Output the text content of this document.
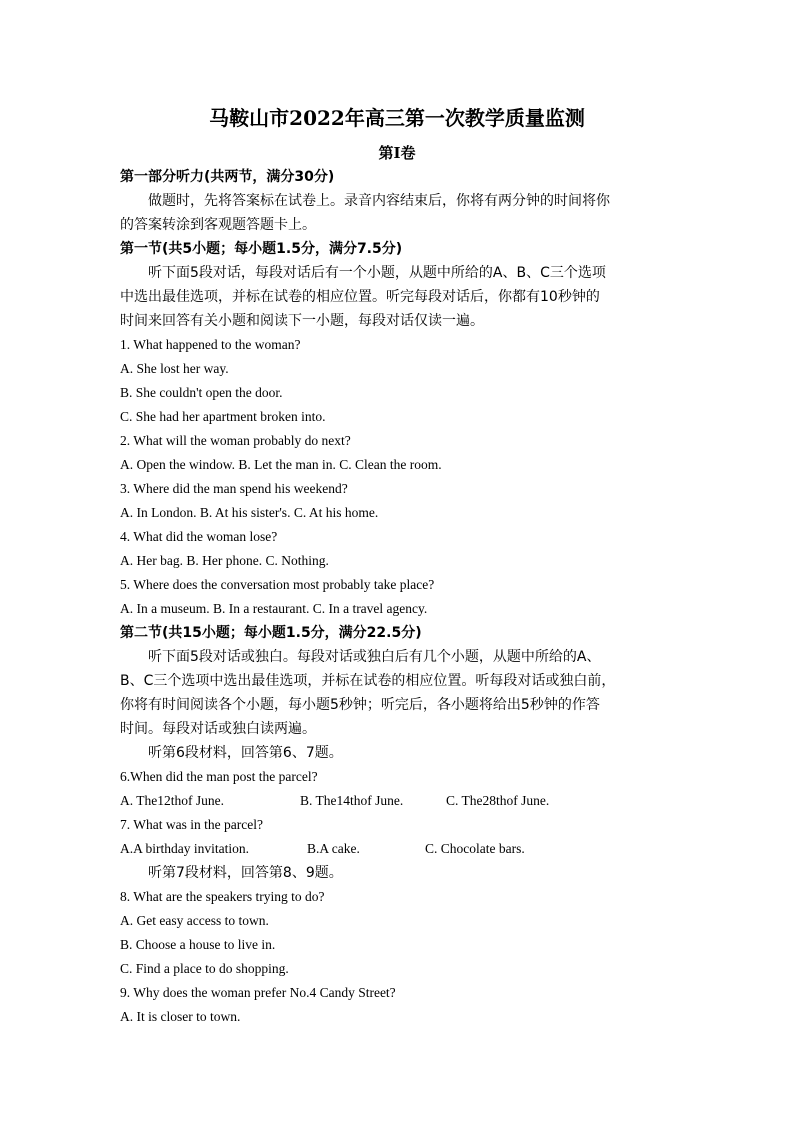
马鞍山市2022年高三第一次教学质量监测
第Ⅰ卷
第一部分听力(共两节，满分30分)
做题时，先将答案标在试卷上。录音内容结束后，你将有两分钟的时间将你
的答案转涂到客观题答题卡上。
第一节(共5小题；每小题1.5分，满分7.5分)
听下面5段对话，每段对话后有一个小题，从题中所给的A、B、C三个选项
中选出最佳选项，并标在试卷的相应位置。听完每段对话后，你都有10秒钟的
时间来回答有关小题和阅读下一小题，每段对话仅读一遍。
1. What happened to the woman?
A. She lost her way.
B. She couldn't open the door.
C. She had her apartment broken into.
2. What will the woman probably do next?
A. Open the window. B. Let the man in. C. Clean the room.
3. Where did the man spend his weekend?
A. In London. B. At his sister's. C. At his home.
4. What did the woman lose?
A. Her bag. B. Her phone. C. Nothing.
5. Where does the conversation most probably take place?
A. In a museum. B. In a restaurant. C. In a travel agency.
第二节(共15小题；每小题1.5分，满分22.5分)
听下面5段对话或独白。每段对话或独白后有几个小题，从题中所给的A、
B、C三个选项中选出最佳选项，并标在试卷的相应位置。听每段对话或独白前，
你将有时间阅读各个小题，每小题5秒钟；听完后，各小题将给出5秒钟的作答
时间。每段对话或独白读两遍。
听第6段材料，回答第6、7题。
6.When did the man post the parcel?
A. The12thof June.	B. The14thof June.	C. The28thof June.
7. What was in the parcel?
A.A birthday invitation.	B.A cake.	C. Chocolate bars.
听第7段材料，回答第8、9题。
8. What are the speakers trying to do?
A. Get easy access to town.
B. Choose a house to live in.
C. Find a place to do shopping.
9. Why does the woman prefer No.4 Candy Street?
A. It is closer to town.
